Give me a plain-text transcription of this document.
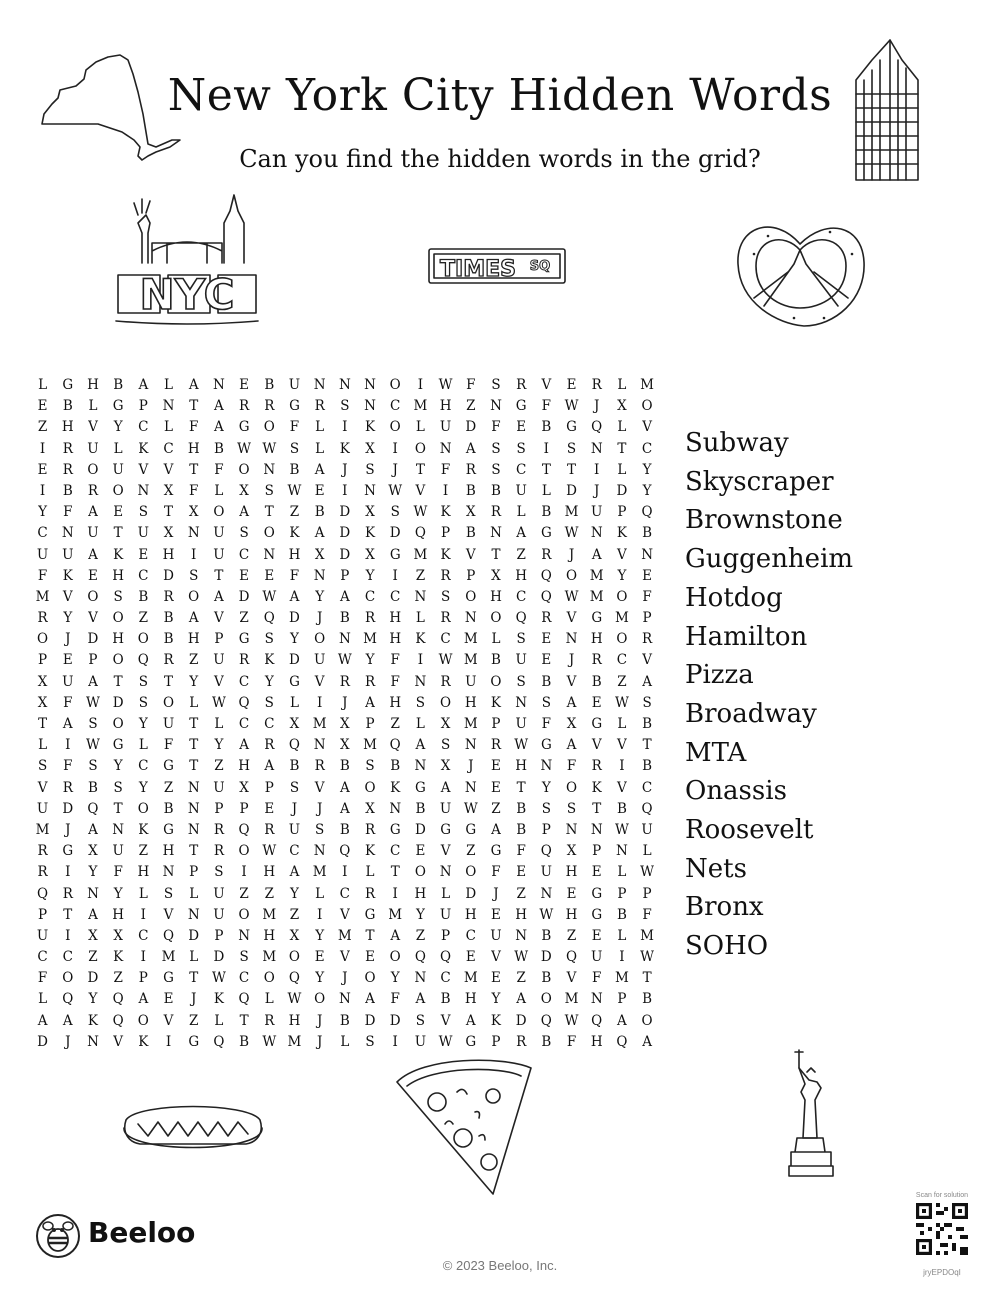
New York City Hidden Words
Can you find the hidden words in the grid?
NYC
TIMES SQ
L	G	H	B	A	L	A	N	E	B	U	N N N	O	I	W	F	S	R	V	E	R	L	M
E	B	L	G	P	N	T	A	R	R	G	R	S	N	C M H	Z	N	G	F	W	J	X	O
Z	H	V	Y	C	L	F	A	G	O	F	L	I	K	O	L	U	D	F	E	B	G	Q	L	V
I	R	U	L	K	C	H	B W W	S	L	K	X	I	O	N	A	S	S	I	S	N	T	C
E	R	O	U	V	V	T	F	O	N	B	A	J	S	J	T	F	R	S	C	T	T	I	L	Y
I	B	R	O	N	X	F	L	X	S	W E	I	N W V	I	B	B	U	L	D	J	D	Y
Y	F	A	E	S	T	X	O	A	T	Z	B	D	X	S	W K	X	R	L	B M U	P	Q
C	N	U	T	U	X	N	U	S	O	K	A	D	K	D	Q	P	B	N	A	G W N	K	B
U	U	A	K	E	H	I	U	C	N H	X	D	X	G M K	V	T	Z	R	J	A	V	N
F	K	E	H	C	D	S	T	E	E	F	N	P	Y	I	Z	R	P	X	H	Q	O M	Y	E
M V	O	S	B	R	O	A	D W A	Y	A	C	C	N	S	O	H	C	Q W M O	F
R	Y	V	O	Z	B	A	V	Z	Q	D	J	B	R	H	L	R	N	O	Q	R	V	G M	P
O	J	D	H	O	B	H	P	G	S	Y	O	N M H	K	C M	L	S	E	N H	O	R
P	E	P	O	Q	R	Z	U	R	K	D	U W	Y	F	I	W M B	U	E	J	R	C	V
X	U	A	T	S	T	Y	V	C	Y	G	V	R	R	F	N	R	U	O	S	B	V	B	Z	A
X	F	W D	S	O	L	W Q	S	L	I	J	A	H	S	O	H	K	N	S	A	E W	S
T	A	S	O	Y	U	T	L	C	C	X M X	P	Z	L	X M	P	U	F	X	G	L	B
L	I	W G	L	F	T	Y	A	R	Q	N	X M Q	A	S	N	R W G	A	V	V	T
S	F	S	Y	C	G	T	Z	H	A	B	R	B	S	B	N	X	J	E	H N	F	R	I	B
V	R	B	S	Y	Z	N	U	X	P	S	V	A	O	K	G	A	N	E	T	Y	O	K	V	C
U	D	Q	T	O	B	N	P	P	E	J	J	A	X	N	B	U W	Z	B	S	S	T	B	Q
M	J	A	N	K	G	N	R	Q	R	U	S	B	R	G	D	G	G	A	B	P	N N W U
R	G	X	U	Z	H	T	R	O W C	N	Q	K	C	E	V	Z	G	F	Q	X	P	N	L
R	I	Y	F	H N	P	S	I	H	A M	I	L	T	O	N	O	F	E	U	H	E	L	W
Q	R	N	Y	L	S	L	U	Z	Z	Y	L	C	R	I	H	L	D	J	Z	N	E	G	P	P
P	T	A	H	I	V	N	U	O M	Z	I	V	G M	Y	U	H	E	H W H	G	B	F
U	I	X	X	C	Q	D	P	N H	X	Y	M	T	A	Z	P	C	U	N	B	Z	E	L	M
C	C	Z	K	I	M	L	D	S	M O	E	V	E	O	Q	Q	E	V W D	Q	U	I	W
F	O	D	Z	P	G	T	W C	O	Q	Y	J	O	Y	N	C M E	Z	B	V	F	M	T
L	Q	Y	Q	A	E	J	K	Q	L	W O	N	A	F	A	B	H	Y	A	O M N	P	B
A	A	K	Q	O	V	Z	L	T	R	H	J	B	D	D	S	V	A	K	D	Q W Q	A	O
D	J	N	V	K	I	G	Q	B W M	J	L	S	I	U W G	P	R	B	F	H	Q	A
Subway
Skyscraper
Brownstone
Guggenheim
Hotdog
Hamilton
Pizza
Broadway
MTA
Onassis
Roosevelt
Nets
Bronx
SOHO
Beeloo
© 2023 Beeloo, Inc.
Scan for solution
jryEPDOqI
